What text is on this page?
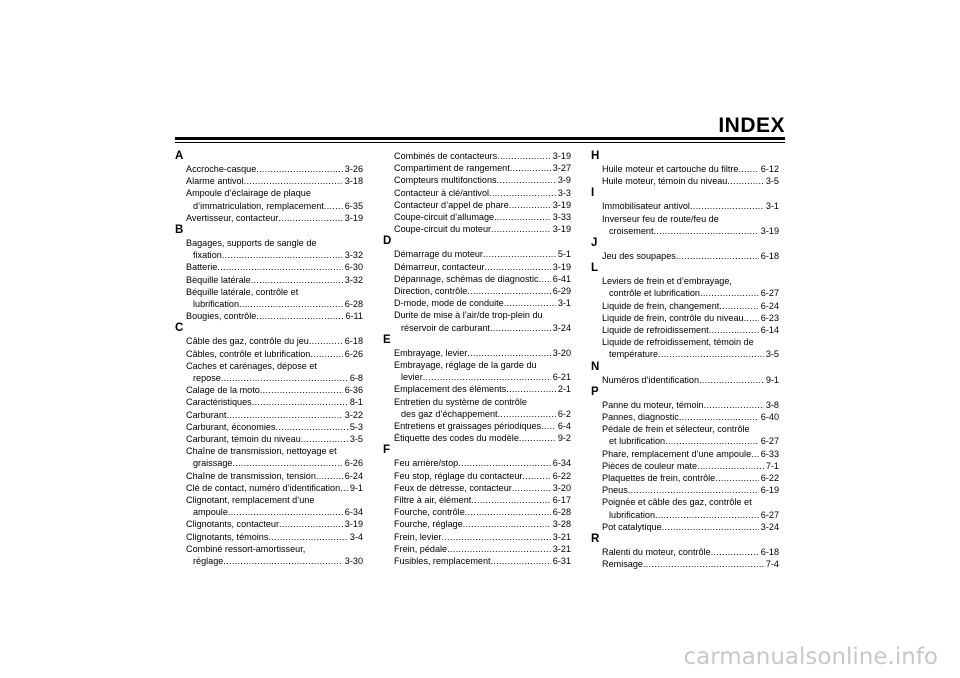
INDEX
A
Accroche-casque .....	3-26
Alarme antivol .....	3-18
Ampoule d’éclairage de plaque
d’immatriculation, remplacement ..... 6-35
Avertisseur, contacteur .....	3-19
B
Bagages, supports de sangle de
fixation .....	3-32
Batterie .....	6-30
Béquille latérale .....	3-32
Béquille latérale, contrôle et
lubrification .....	6-28
Bougies, contrôle .....	6-11
C
Câble des gaz, contrôle du jeu .....	6-18
Câbles, contrôle et lubrification .....	6-26
Caches et carénages, dépose et
repose .....	6-8
Calage de la moto .....	6-36
Caractéristiques .....	8-1
Carburant .....	3-22
Carburant, économies .....	5-3
Carburant, témoin du niveau .....	3-5
Chaîne de transmission, nettoyage et
graissage .....	6-26
Chaîne de transmission, tension .....	6-24
Clé de contact, numéro d’identification ..... 9-1
Clignotant, remplacement d’une
ampoule .....	6-34
Clignotants, contacteur .....	3-19
Clignotants, témoins .....	3-4
Combiné ressort-amortisseur,
réglage .....	3-30
Combinés de contacteurs .....	3-19
Compartiment de rangement .....	3-27
Compteurs multifonctions .....	3-9
Contacteur à clé/antivol .....	3-3
Contacteur d’appel de phare .....	3-19
Coupe-circuit d’allumage .....	3-33
Coupe-circuit du moteur .....	3-19
D
Démarrage du moteur .....	5-1
Démarreur, contacteur .....	3-19
Dépannage, schémas de diagnostic ..... 6-41
Direction, contrôle .....	6-29
D-mode, mode de conduite .....	3-1
Durite de mise à l’air/de trop-plein du
réservoir de carburant .....	3-24
E
Embrayage, levier .....	3-20
Embrayage, réglage de la garde du
levier .....	6-21
Emplacement des éléments .....	2-1
Entretien du système de contrôle
des gaz d’échappement .....	6-2
Entretiens et graissages périodiques ..... 6-4
Étiquette des codes du modèle .....	9-2
F
Feu arrière/stop .....	6-34
Feu stop, réglage du contacteur .....	6-22
Feux de détresse, contacteur .....	3-20
Filtre à air, élément .....	6-17
Fourche, contrôle .....	6-28
Fourche, réglage .....	3-28
Frein, levier .....	3-21
Frein, pédale .....	3-21
Fusibles, remplacement .....	6-31
H
Huile moteur et cartouche du filtre ..... 6-12
Huile moteur, témoin du niveau .....	3-5
I
Immobilisateur antivol .....	3-1
Inverseur feu de route/feu de
croisement .....	3-19
J
Jeu des soupapes .....	6-18
L
Leviers de frein et d’embrayage,
contrôle et lubrification .....	6-27
Liquide de frein, changement .....	6-24
Liquide de frein, contrôle du niveau ..... 6-23
Liquide de refroidissement .....	6-14
Liquide de refroidissement, témoin de
température .....	3-5
N
Numéros d’identification .....	9-1
P
Panne du moteur, témoin .....	3-8
Pannes, diagnostic .....	6-40
Pédale de frein et sélecteur, contrôle
et lubrification .....	6-27
Phare, remplacement d’une ampoule ..... 6-33
Pièces de couleur mate .....	7-1
Plaquettes de frein, contrôle .....	6-22
Pneus .....	6-19
Poignée et câble des gaz, contrôle et
lubrification .....	6-27
Pot catalytique .....	3-24
R
Ralenti du moteur, contrôle .....	6-18
Remisage .....	7-4
carmanualsonline.info
